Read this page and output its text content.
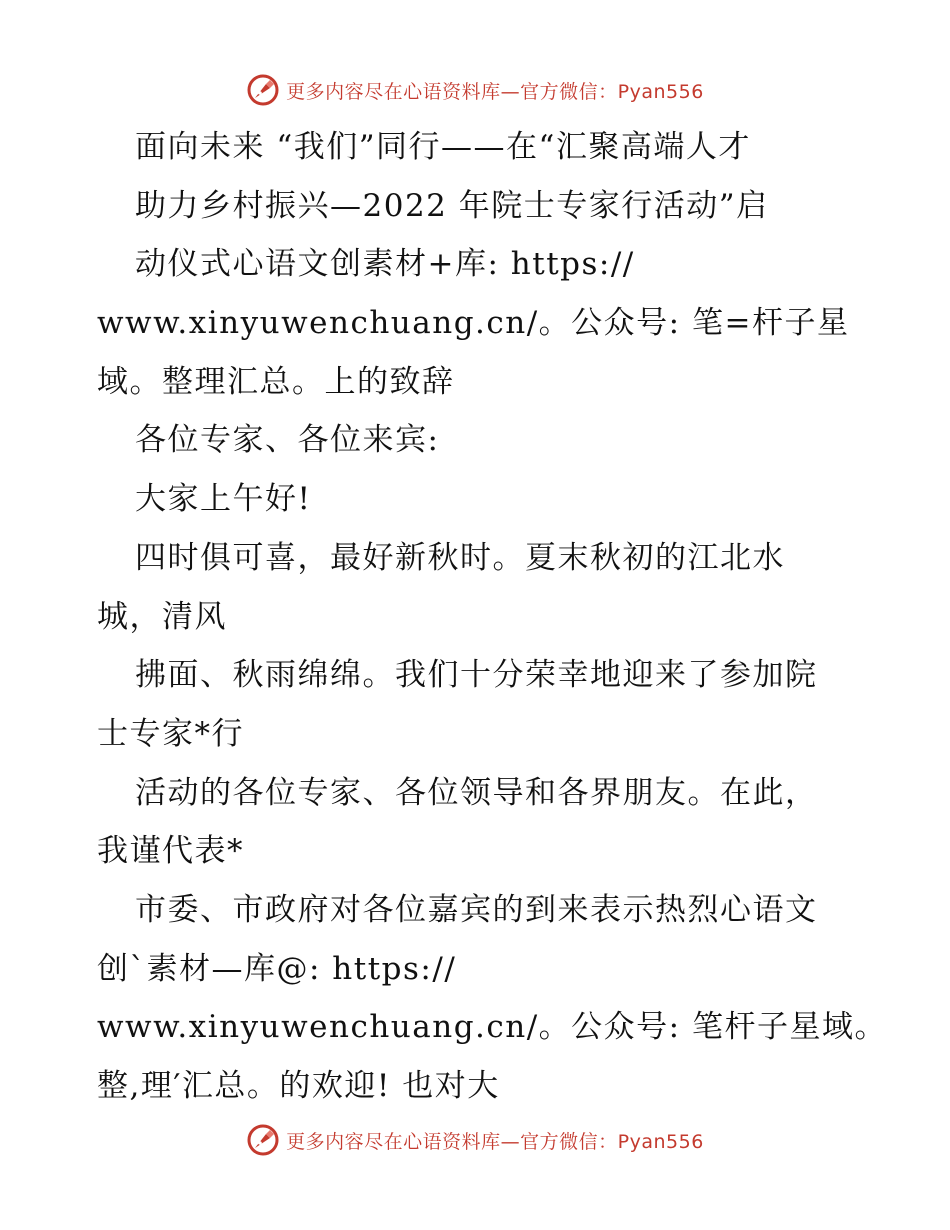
更多内容尽在心语资料库—官方微信：Pyan556
面向未来 “我们”同行——在“汇聚高端人才
助力乡村振兴—2022 年院士专家行活动”启
动仪式心语文创素材+库: https://
www.xinyuwenchuang.cn/。公众号: 笔=杆子星
域。整理汇总。上的致辞
各位专家、各位来宾:
大家上午好!
四时俱可喜，最好新秋时。夏末秋初的江北水
城，清风
拂面、秋雨绵绵。我们十分荣幸地迎来了参加院
士专家*行
活动的各位专家、各位领导和各界朋友。在此，
我谨代表*
市委、市政府对各位嘉宾的到来表示热烈心语文
创`素材—库@: https://
www.xinyuwenchuang.cn/。公众号: 笔杆子星域。
整,理′汇总。的欢迎! 也对大
更多内容尽在心语资料库—官方微信：Pyan556
